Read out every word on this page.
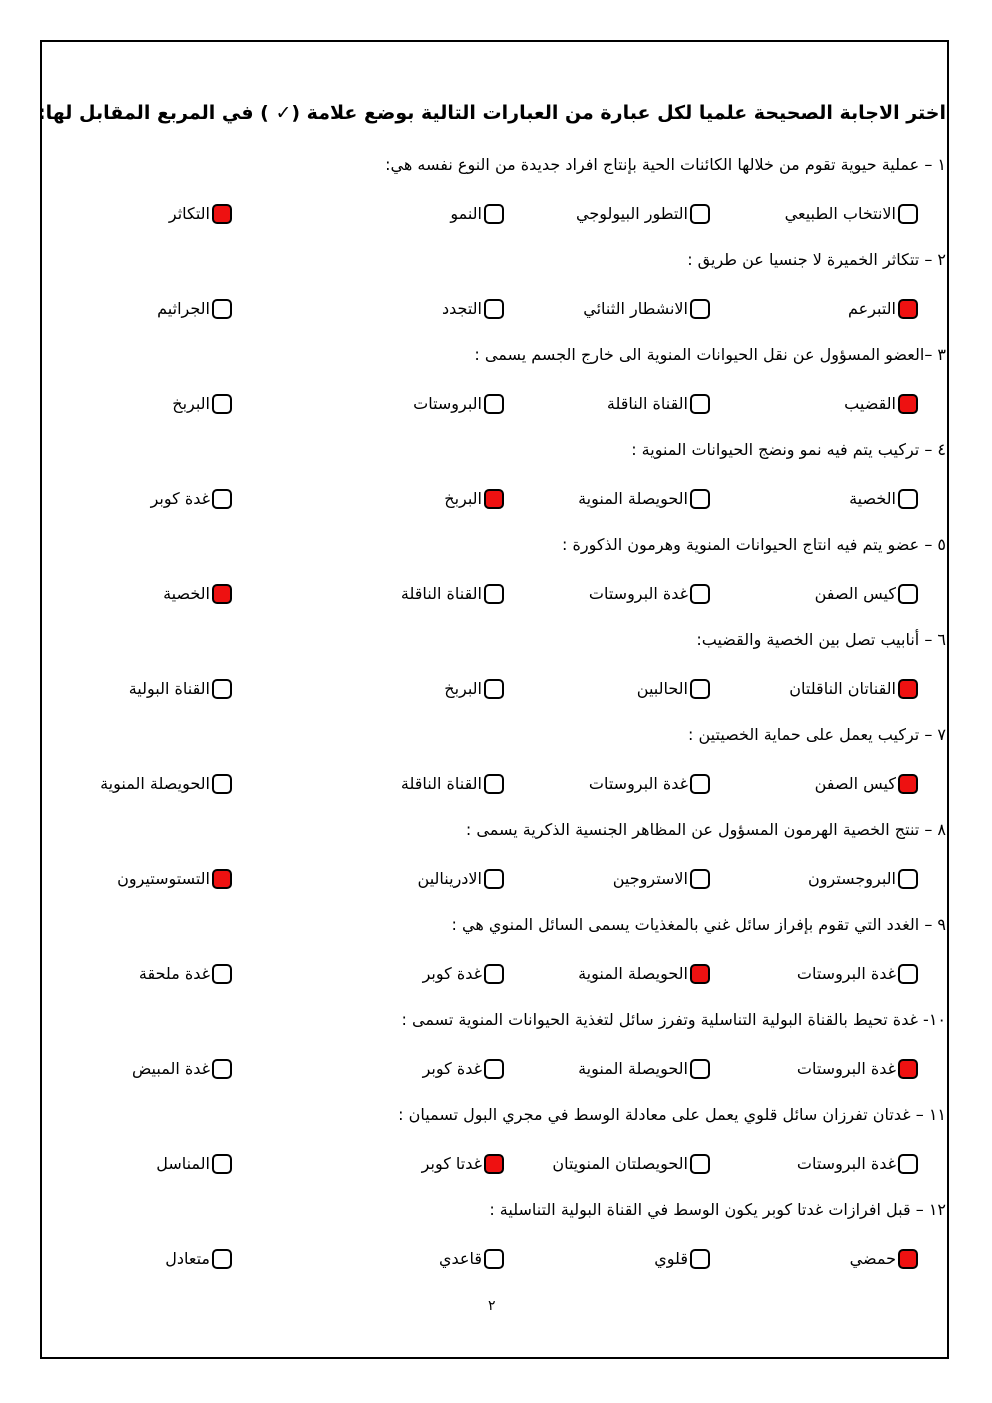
اختر الاجابة الصحيحة علميا لكل عبارة من العبارات التالية بوضع علامة (✓ ) في المربع المقابل لها:
١ – عملية حيوية تقوم من خلالها الكائنات الحية بإنتاج افراد جديدة من النوع نفسه هي:
الانتخاب الطبيعي
التطور البيولوجي
النمو
التكاثر
٢ – تتكاثر الخميرة لا جنسيا عن طريق :
التبرعم
الانشطار الثنائي
التجدد
الجراثيم
٣ –العضو المسؤول عن نقل الحيوانات المنوية الى خارج الجسم يسمى :
القضيب
القناة الناقلة
البروستات
البربخ
٤ – تركيب يتم فيه نمو ونضج الحيوانات المنوية :
الخصية
الحويصلة المنوية
البربخ
غدة كوبر
٥ – عضو يتم فيه انتاج الحيوانات المنوية وهرمون الذكورة :
كيس الصفن
غدة البروستات
القناة الناقلة
الخصية
٦ – أنابيب تصل بين الخصية والقضيب:
القناتان الناقلتان
الحالبين
البربخ
القناة البولية
٧ – تركيب يعمل على حماية الخصيتين :
كيس الصفن
غدة البروستات
القناة الناقلة
الحويصلة المنوية
٨ – تنتج الخصية الهرمون المسؤول عن المظاهر الجنسية الذكرية يسمى :
البروجسترون
الاستروجين
الادرينالين
التستوستيرون
٩ – الغدد التي تقوم بإفراز سائل غني بالمغذيات يسمى السائل المنوي هي :
غدة البروستات
الحويصلة المنوية
غدة كوبر
غدة ملحقة
١٠- غدة تحيط بالقناة البولية التناسلية وتفرز سائل لتغذية الحيوانات المنوية تسمى :
غدة البروستات
الحويصلة المنوية
غدة كوبر
غدة المبيض
١١ – غدتان تفرزان سائل قلوي يعمل على معادلة الوسط في مجري البول تسميان :
غدة البروستات
الحويصلتان المنويتان
غدتا كوبر
المناسل
١٢ – قبل افرازات غدتا كوبر يكون الوسط في القناة البولية التناسلية :
حمضي
قلوي
قاعدي
متعادل
٢
